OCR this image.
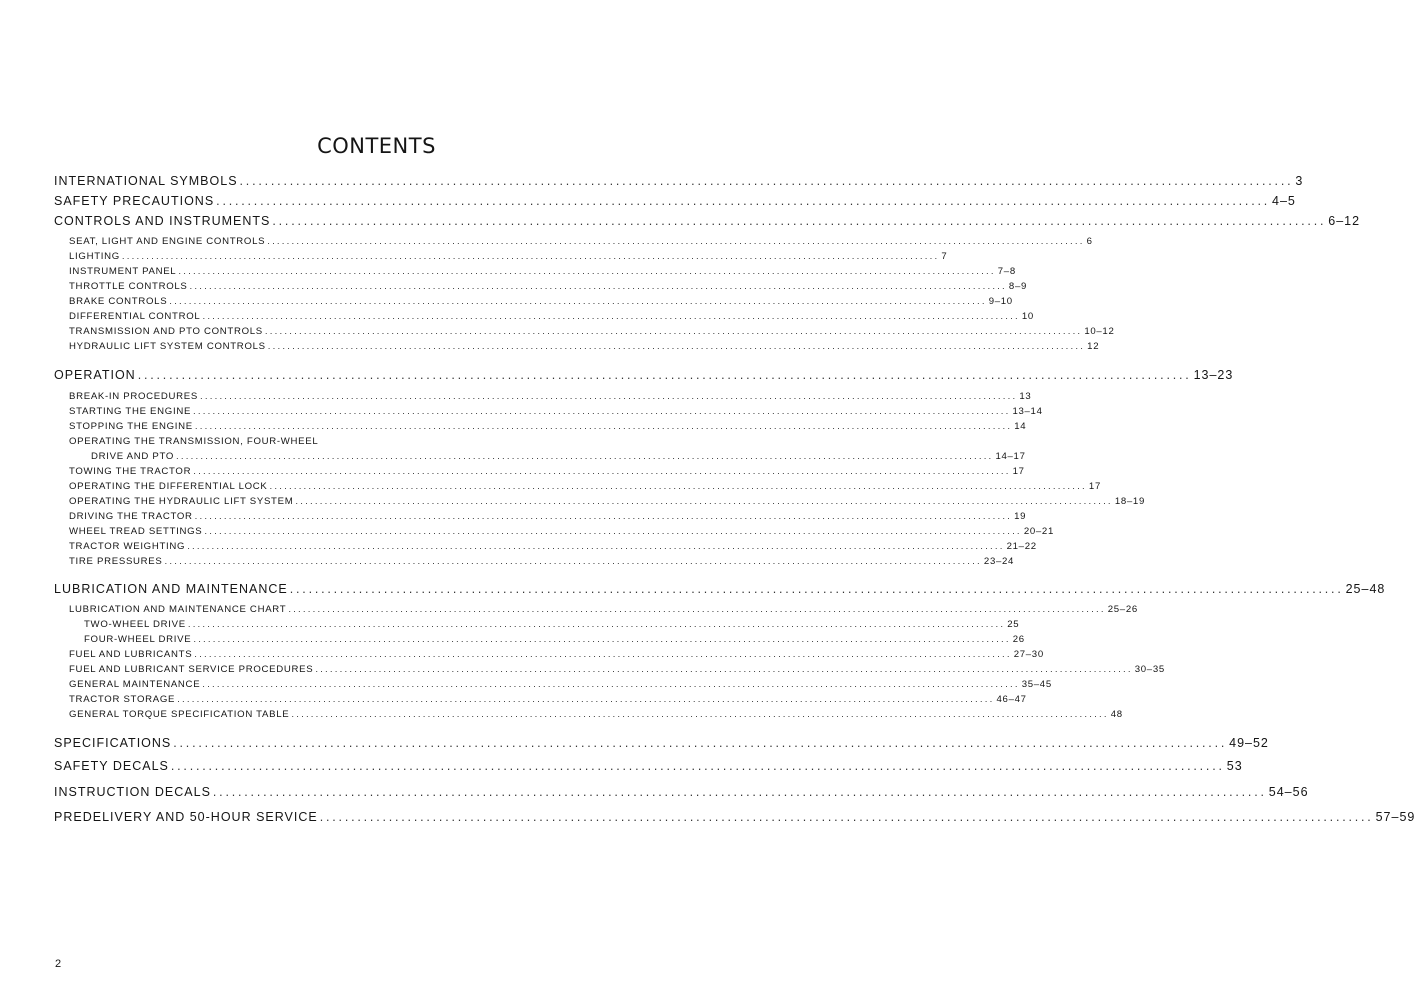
CONTENTS
INTERNATIONAL SYMBOLS ........................................................................................................................................................................ 3
SAFETY PRECAUTIONS ........................................................................................................................................................................ 4–5
CONTROLS AND INSTRUMENTS ........................................................................................................................................................................ 6–12
SEAT, LIGHT AND ENGINE CONTROLS ........................................................................................................................................................................ 6
LIGHTING ........................................................................................................................................................................ 7
INSTRUMENT PANEL ........................................................................................................................................................................ 7–8
THROTTLE CONTROLS ........................................................................................................................................................................ 8–9
BRAKE CONTROLS ........................................................................................................................................................................ 9–10
DIFFERENTIAL CONTROL ........................................................................................................................................................................ 10
TRANSMISSION AND PTO CONTROLS ........................................................................................................................................................................ 10–12
HYDRAULIC LIFT SYSTEM CONTROLS ........................................................................................................................................................................ 12
OPERATION ........................................................................................................................................................................ 13–23
BREAK-IN PROCEDURES ........................................................................................................................................................................ 13
STARTING THE ENGINE ........................................................................................................................................................................ 13–14
STOPPING THE ENGINE ........................................................................................................................................................................ 14
OPERATING THE TRANSMISSION, FOUR-WHEEL
DRIVE AND PTO ........................................................................................................................................................................ 14–17
TOWING THE TRACTOR ........................................................................................................................................................................ 17
OPERATING THE DIFFERENTIAL LOCK ........................................................................................................................................................................ 17
OPERATING THE HYDRAULIC LIFT SYSTEM ........................................................................................................................................................................ 18–19
DRIVING THE TRACTOR ........................................................................................................................................................................ 19
WHEEL TREAD SETTINGS ........................................................................................................................................................................ 20–21
TRACTOR WEIGHTING ........................................................................................................................................................................ 21–22
TIRE PRESSURES ........................................................................................................................................................................ 23–24
LUBRICATION AND MAINTENANCE ........................................................................................................................................................................ 25–48
LUBRICATION AND MAINTENANCE CHART ........................................................................................................................................................................ 25–26
TWO-WHEEL DRIVE ........................................................................................................................................................................ 25
FOUR-WHEEL DRIVE ........................................................................................................................................................................ 26
FUEL AND LUBRICANTS ........................................................................................................................................................................ 27–30
FUEL AND LUBRICANT SERVICE PROCEDURES ........................................................................................................................................................................ 30–35
GENERAL MAINTENANCE ........................................................................................................................................................................ 35–45
TRACTOR STORAGE ........................................................................................................................................................................ 46–47
GENERAL TORQUE SPECIFICATION TABLE ........................................................................................................................................................................ 48
SPECIFICATIONS ........................................................................................................................................................................ 49–52
SAFETY DECALS ........................................................................................................................................................................ 53
INSTRUCTION DECALS ........................................................................................................................................................................ 54–56
PREDELIVERY AND 50-HOUR SERVICE ........................................................................................................................................................................ 57–59
2
